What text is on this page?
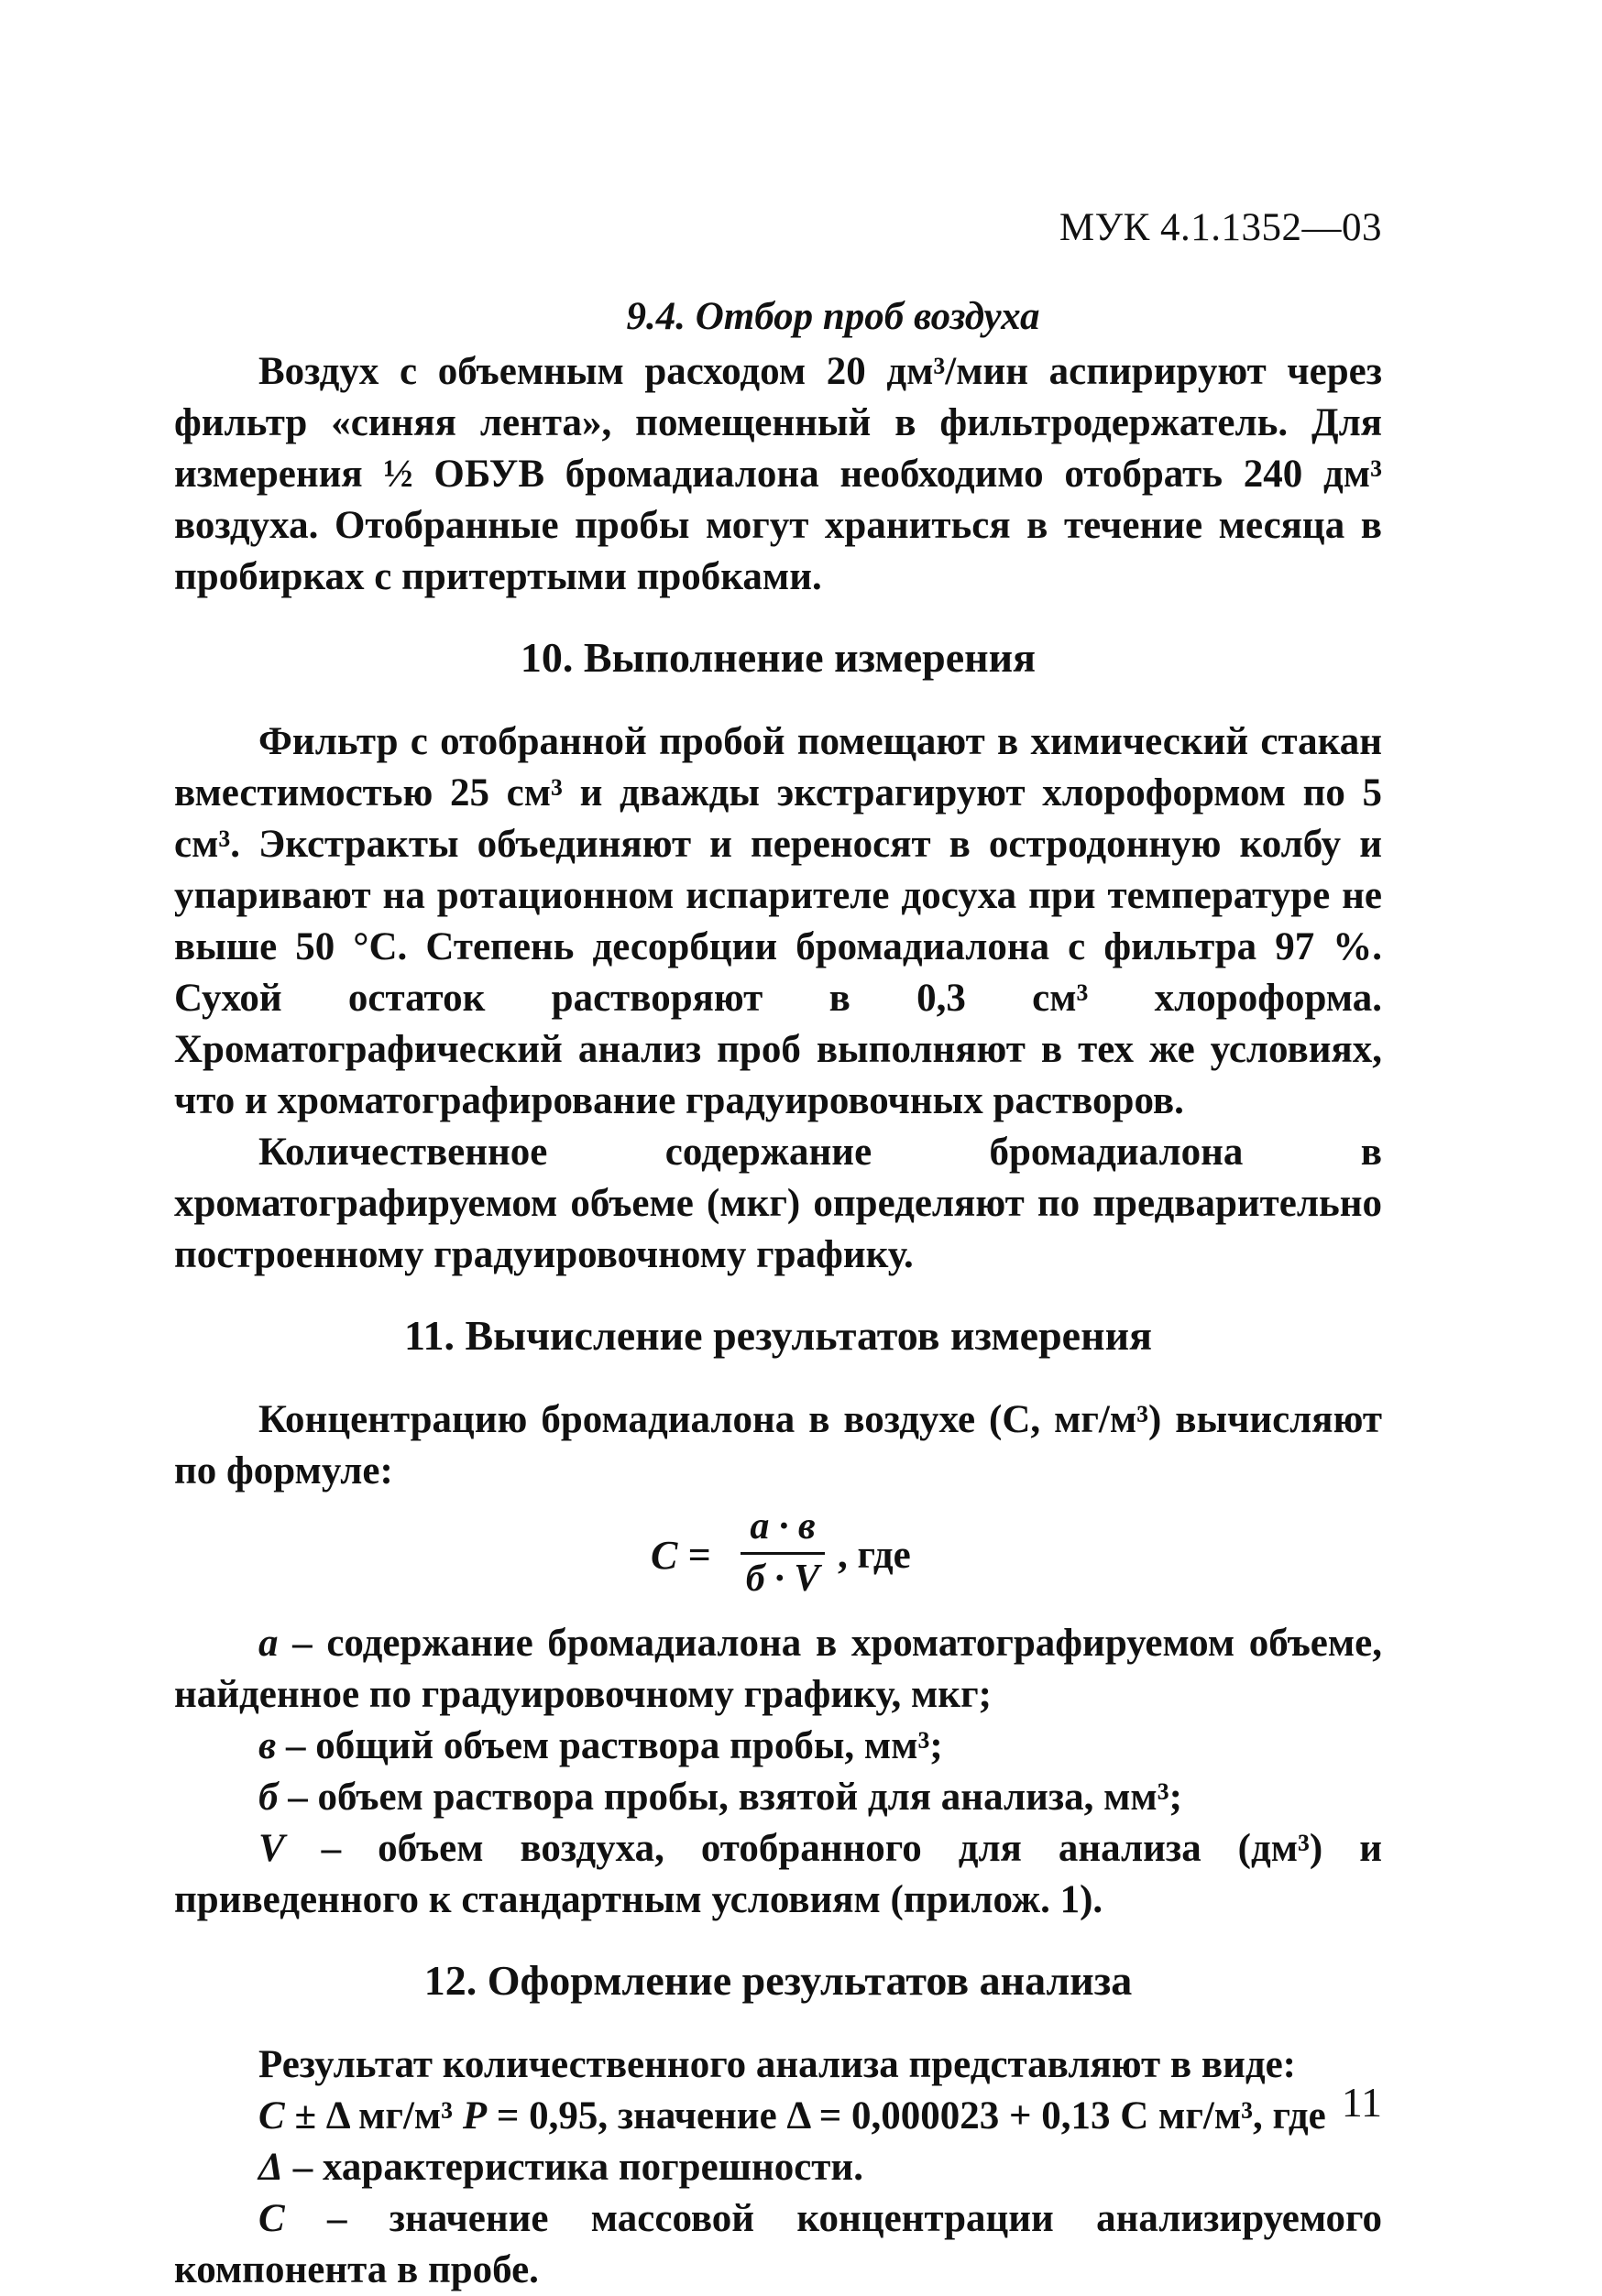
МУК 4.1.1352—03
9.4. Отбор проб воздуха

Воздух с объемным расходом 20 дм³/мин аспирируют через фильтр «синяя лента», помещенный в фильтродержатель. Для измерения ½ ОБУВ бромадиалона необходимо отобрать 240 дм³ воздуха. Отобранные пробы могут храниться в течение месяца в пробирках с притертыми пробками.

10. Выполнение измерения

Фильтр с отобранной пробой помещают в химический стакан вместимостью 25 см³ и дважды экстрагируют хлороформом по 5 см³. Экстракты объединяют и переносят в остродонную колбу и упаривают на ротационном испарителе досуха при температуре не выше 50 °С. Степень десорбции бромадиалона с фильтра 97 %. Сухой остаток растворяют в 0,3 см³ хлороформа. Хроматографический анализ проб выполняют в тех же условиях, что и хроматографирование градуировочных растворов.

Количественное содержание бромадиалона в хроматографируемом объеме (мкг) определяют по предварительно построенному градуировочному графику.

11. Вычисление результатов измерения

Концентрацию бромадиалона в воздухе (С, мг/м³) вычисляют по формуле:

С =
а · в
б · V
, где

а – содержание бромадиалона в хроматографируемом объеме, найденное по градуировочному графику, мкг;

в – общий объем раствора пробы, мм³;

б – объем раствора пробы, взятой для анализа, мм³;

V – объем воздуха, отобранного для анализа (дм³) и приведенного к стандартным условиям (прилож. 1).

12. Оформление результатов анализа

Результат количественного анализа представляют в виде:

С ± Δ мг/м³ Р = 0,95, значение Δ = 0,000023 + 0,13 С мг/м³, где

Δ – характеристика погрешности.

С – значение массовой концентрации анализируемого компонента в пробе.

11
